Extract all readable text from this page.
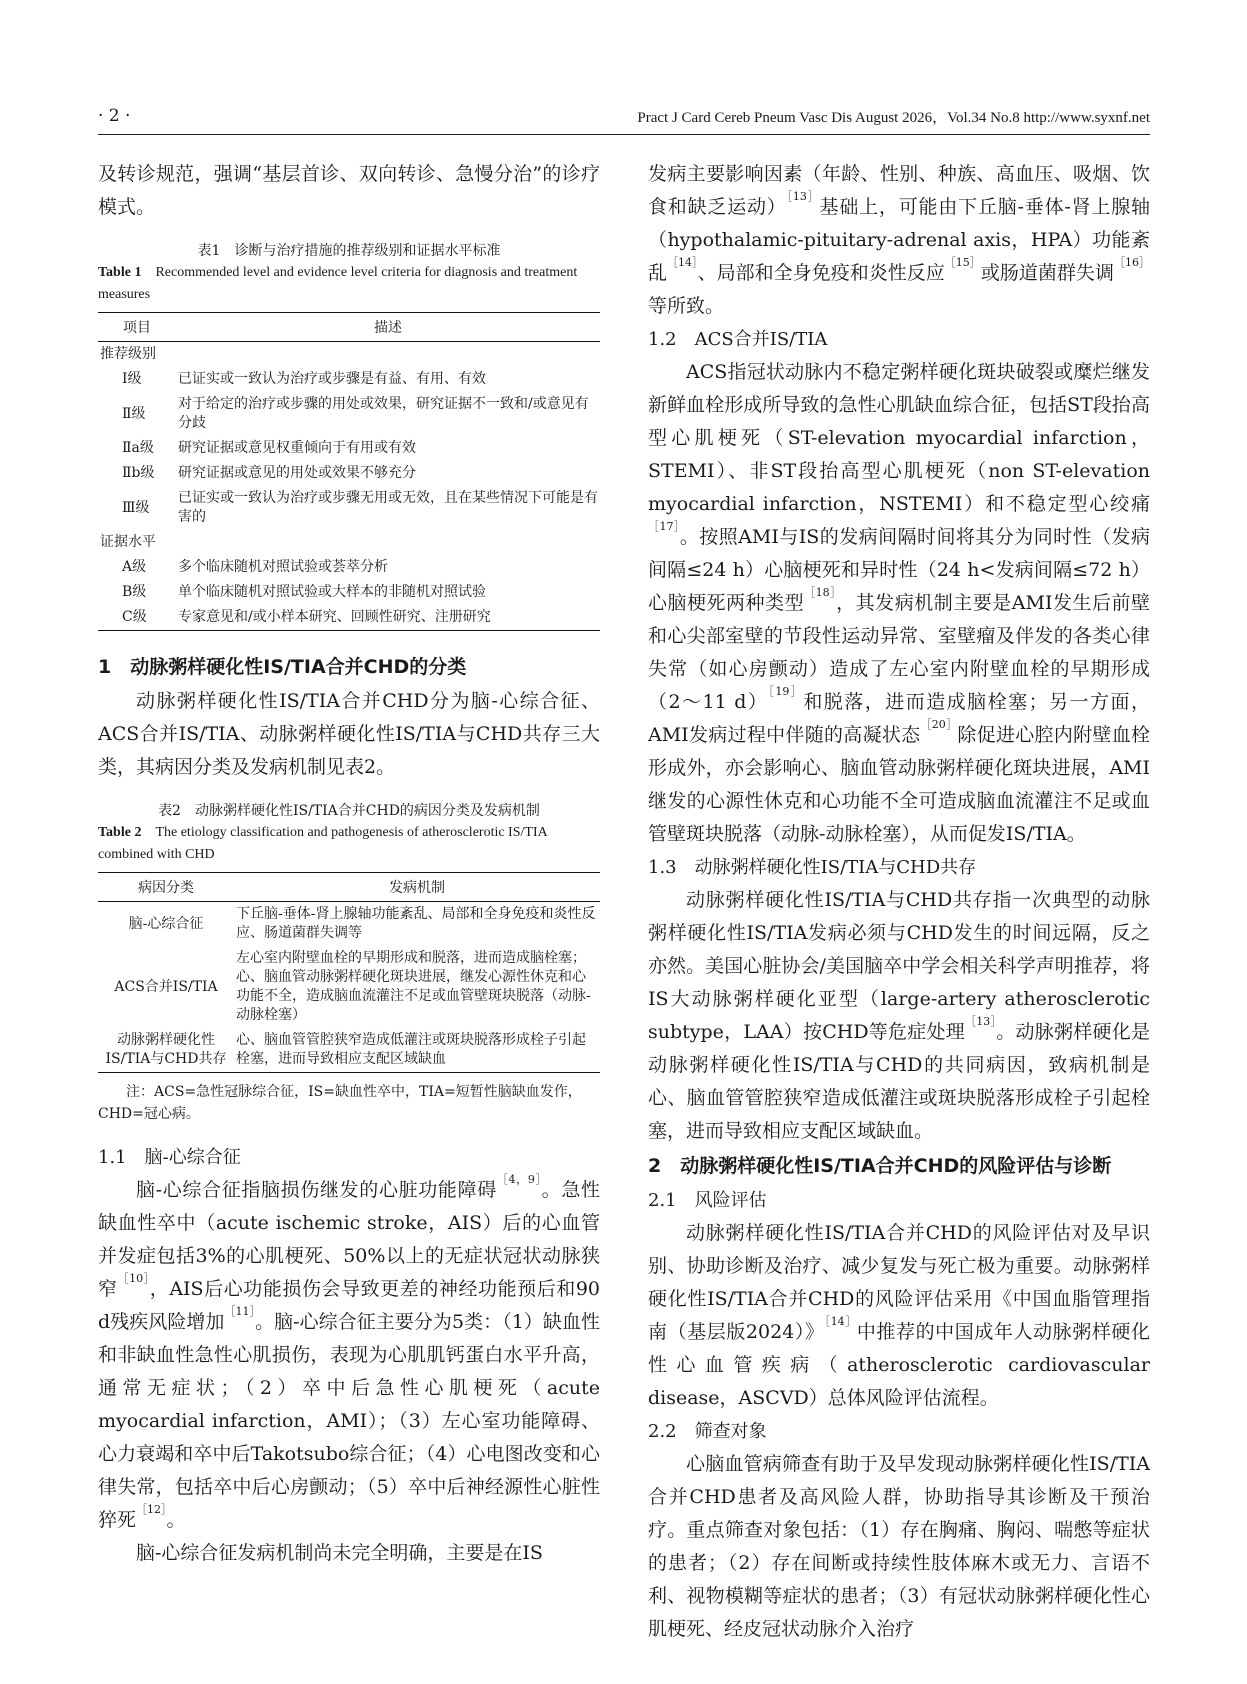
· 2 ·	Pract J Card Cereb Pneum Vasc Dis August 2026，Vol.34 No.8 http://www.syxnf.net

及转诊规范，强调“基层首诊、双向转诊、急慢分治”的诊疗模式。

表1　诊断与治疗措施的推荐级别和证据水平标准

Table 1　 Recommended level and evidence level criteria for diagnosis and treatment measures

项目	描述
推荐级别	
Ⅰ级	已证实或一致认为治疗或步骤是有益、有用、有效
Ⅱ级	对于给定的治疗或步骤的用处或效果，研究证据不一致和/或意见有分歧
Ⅱa级	研究证据或意见权重倾向于有用或有效
Ⅱb级	研究证据或意见的用处或效果不够充分
Ⅲ级	已证实或一致认为治疗或步骤无用或无效，且在某些情况下可能是有害的
证据水平	
A级	多个临床随机对照试验或荟萃分析
B级	单个临床随机对照试验或大样本的非随机对照试验
C级	专家意见和/或小样本研究、回顾性研究、注册研究

1　动脉粥样硬化性IS/TIA合并CHD的分类

动脉粥样硬化性IS/TIA合并CHD分为脑-心综合征、ACS合并IS/TIA、动脉粥样硬化性IS/TIA与CHD共存三大类，其病因分类及发病机制见表2。

表2　动脉粥样硬化性IS/TIA合并CHD的病因分类及发病机制

Table 2　 The etiology classification and pathogenesis of atherosclerotic IS/TIA combined with CHD

病因分类	发病机制
脑-心综合征	下丘脑-垂体-肾上腺轴功能紊乱、局部和全身免疫和炎性反应、肠道菌群失调等
ACS合并IS/TIA	左心室内附壁血栓的早期形成和脱落，进而造成脑栓塞；心、脑血管动脉粥样硬化斑块进展，继发心源性休克和心功能不全，造成脑血流灌注不足或血管壁斑块脱落（动脉-动脉栓塞）
动脉粥样硬化性IS/TIA与CHD共存	心、脑血管管腔狭窄造成低灌注或斑块脱落形成栓子引起栓塞，进而导致相应支配区域缺血

注：ACS=急性冠脉综合征，IS=缺血性卒中，TIA=短暂性脑缺血发作，CHD=冠心病。

1.1　脑-心综合征

脑-心综合征指脑损伤继发的心脏功能障碍$^{[4,9]}$。急性缺血性卒中（acute ischemic stroke，AIS）后的心血管并发症包括3%的心肌梗死、50%以上的无症状冠状动脉狭窄$^{[10]}$，AIS后心功能损伤会导致更差的神经功能预后和90 d残疾风险增加$^{[11]}$。脑-心综合征主要分为5类：（1）缺血性和非缺血性急性心肌损伤，表现为心肌肌钙蛋白水平升高，通常无症状；（2）卒中后急性心肌梗死（acute myocardial infarction，AMI）；（3）左心室功能障碍、心力衰竭和卒中后Takotsubo综合征；（4）心电图改变和心律失常，包括卒中后心房颤动；（5）卒中后神经源性心脏性猝死$^{[12]}$。

脑-心综合征发病机制尚未完全明确，主要是在IS

发病主要影响因素（年龄、性别、种族、高血压、吸烟、饮食和缺乏运动）$^{[13]}$基础上，可能由下丘脑-垂体-肾上腺轴（hypothalamic-pituitary-adrenal axis，HPA）功能紊乱$^{[14]}$、局部和全身免疫和炎性反应$^{[15]}$或肠道菌群失调$^{[16]}$等所致。

1.2　ACS合并IS/TIA

ACS指冠状动脉内不稳定粥样硬化斑块破裂或糜烂继发新鲜血栓形成所导致的急性心肌缺血综合征，包括ST段抬高型心肌梗死（ST-elevation myocardial infarction，STEMI）、非ST段抬高型心肌梗死（non ST-elevation myocardial infarction，NSTEMI）和不稳定型心绞痛$^{[17]}$。按照AMI与IS的发病间隔时间将其分为同时性（发病间隔≤24 h）心脑梗死和异时性（24 h<发病间隔≤72 h）心脑梗死两种类型$^{[18]}$，其发病机制主要是AMI发生后前壁和心尖部室壁的节段性运动异常、室壁瘤及伴发的各类心律失常（如心房颤动）造成了左心室内附壁血栓的早期形成（2～11 d）$^{[19]}$和脱落，进而造成脑栓塞；另一方面，AMI发病过程中伴随的高凝状态$^{[20]}$除促进心腔内附壁血栓形成外，亦会影响心、脑血管动脉粥样硬化斑块进展，AMI继发的心源性休克和心功能不全可造成脑血流灌注不足或血管壁斑块脱落（动脉-动脉栓塞），从而促发IS/TIA。

1.3　动脉粥样硬化性IS/TIA与CHD共存

动脉粥样硬化性IS/TIA与CHD共存指一次典型的动脉粥样硬化性IS/TIA发病必须与CHD发生的时间远隔，反之亦然。美国心脏协会/美国脑卒中学会相关科学声明推荐，将IS大动脉粥样硬化亚型（large-artery atherosclerotic subtype，LAA）按CHD等危症处理$^{[13]}$。动脉粥样硬化是动脉粥样硬化性IS/TIA与CHD的共同病因，致病机制是心、脑血管管腔狭窄造成低灌注或斑块脱落形成栓子引起栓塞，进而导致相应支配区域缺血。

2　动脉粥样硬化性IS/TIA合并CHD的风险评估与诊断

2.1　风险评估

动脉粥样硬化性IS/TIA合并CHD的风险评估对及早识别、协助诊断及治疗、减少复发与死亡极为重要。动脉粥样硬化性IS/TIA合并CHD的风险评估采用《中国血脂管理指南（基层版2024）》$^{[14]}$中推荐的中国成年人动脉粥样硬化性心血管疾病（atherosclerotic cardiovascular disease，ASCVD）总体风险评估流程。

2.2　筛查对象

心脑血管病筛查有助于及早发现动脉粥样硬化性IS/TIA合并CHD患者及高风险人群，协助指导其诊断及干预治疗。重点筛查对象包括：（1）存在胸痛、胸闷、喘憋等症状的患者；（2）存在间断或持续性肢体麻木或无力、言语不利、视物模糊等症状的患者；（3）有冠状动脉粥样硬化性心肌梗死、经皮冠状动脉介入治疗
